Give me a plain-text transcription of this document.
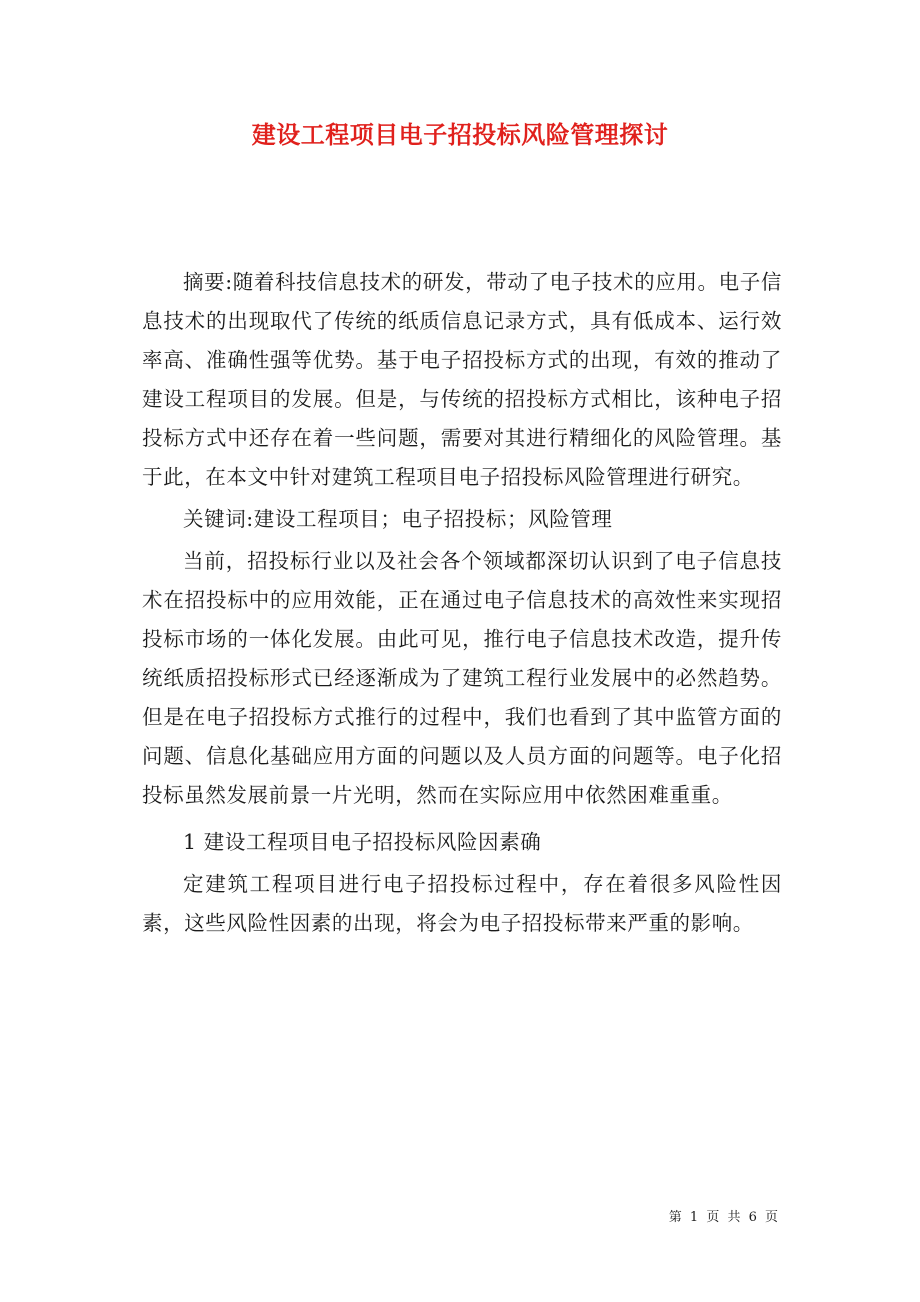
建设工程项目电子招投标风险管理探讨

摘要:随着科技信息技术的研发，带动了电子技术的应用。电子信息技术的出现取代了传统的纸质信息记录方式，具有低成本、运行效率高、准确性强等优势。基于电子招投标方式的出现，有效的推动了建设工程项目的发展。但是，与传统的招投标方式相比，该种电子招投标方式中还存在着一些问题，需要对其进行精细化的风险管理。基于此，在本文中针对建筑工程项目电子招投标风险管理进行研究。

关键词:建设工程项目；电子招投标；风险管理

当前，招投标行业以及社会各个领域都深切认识到了电子信息技术在招投标中的应用效能，正在通过电子信息技术的高效性来实现招投标市场的一体化发展。由此可见，推行电子信息技术改造，提升传统纸质招投标形式已经逐渐成为了建筑工程行业发展中的必然趋势。但是在电子招投标方式推行的过程中，我们也看到了其中监管方面的问题、信息化基础应用方面的问题以及人员方面的问题等。电子化招投标虽然发展前景一片光明，然而在实际应用中依然困难重重。

1 建设工程项目电子招投标风险因素确

定建筑工程项目进行电子招投标过程中，存在着很多风险性因素，这些风险性因素的出现，将会为电子招投标带来严重的影响。

第 1 页 共 6 页
